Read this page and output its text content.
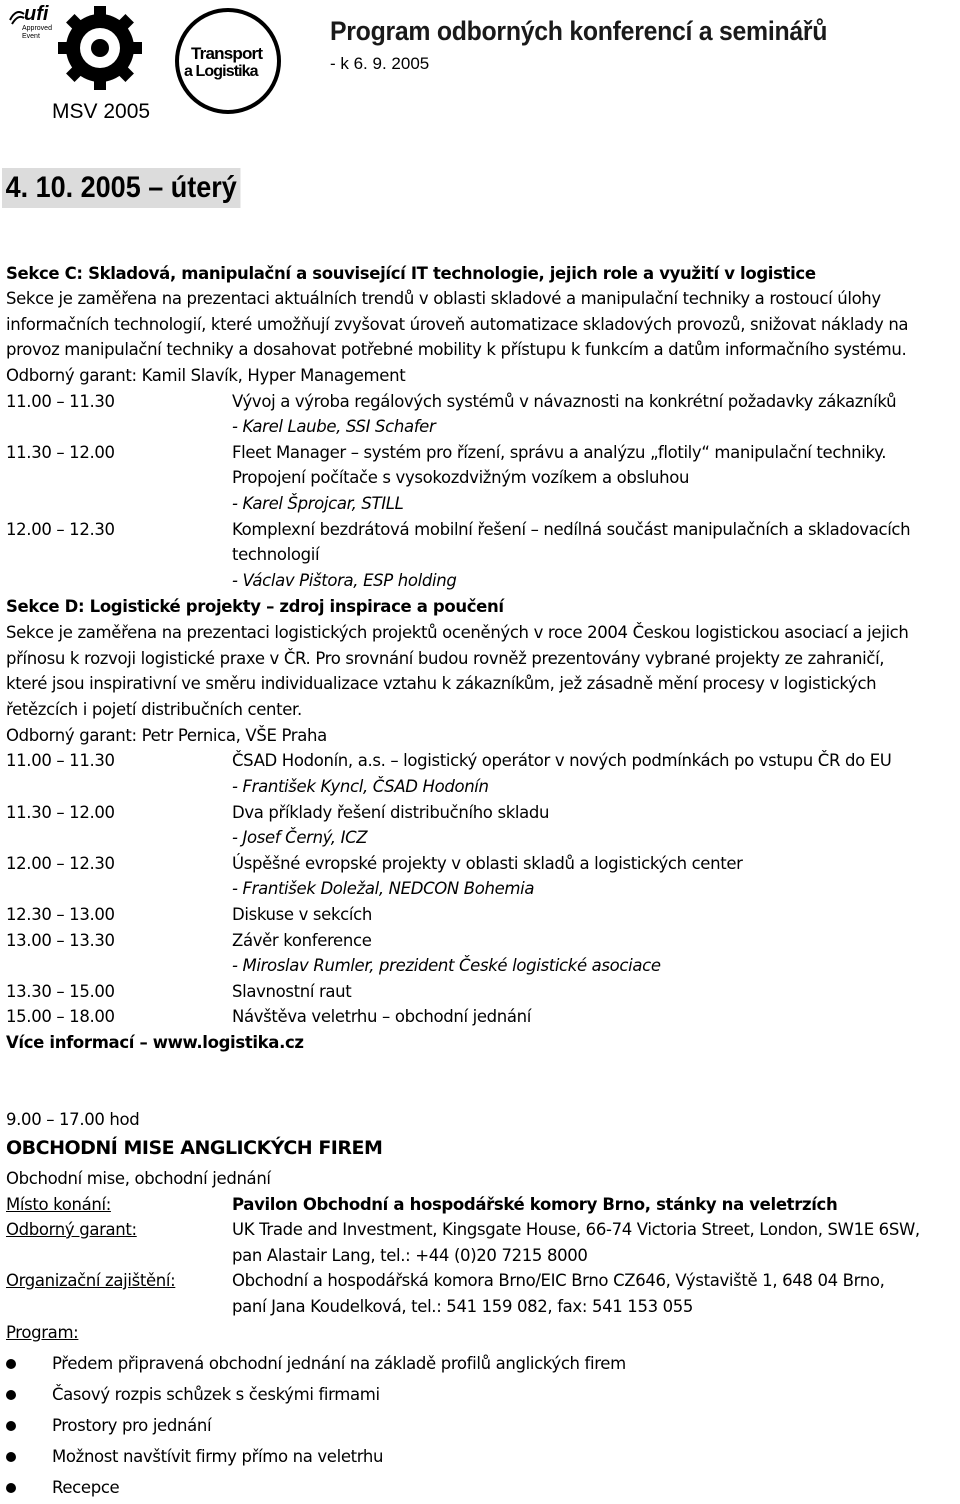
ufi
Approved
Event
MSV 2005
Transport
a Logistika
Program odborných konferencí a seminářů
- k 6. 9. 2005
4. 10. 2005 – úterý
Sekce C: Skladová, manipulační a související IT technologie, jejich role a využití v logistice
Sekce je zaměřena na prezentaci aktuálních trendů v oblasti skladové a manipulační techniky a rostoucí úlohy
informačních technologií, které umožňují zvyšovat úroveň automatizace skladových provozů, snižovat náklady na
provoz manipulační techniky a dosahovat potřebné mobility k přístupu k funkcím a datům informačního systému.
Odborný garant: Kamil Slavík, Hyper Management
11.00 – 11.30	Vývoj a výroba regálových systémů v návaznosti na konkrétní požadavky zákazníků
- Karel Laube, SSI Schafer
11.30 – 12.00	Fleet Manager – systém pro řízení, správu a analýzu „flotily“ manipulační techniky.
Propojení počítače s vysokozdvižným vozíkem a obsluhou
- Karel Šprojcar, STILL
12.00 – 12.30	Komplexní bezdrátová mobilní řešení – nedílná součást manipulačních a skladovacích
technologií
- Václav Pištora, ESP holding
Sekce D: Logistické projekty – zdroj inspirace a poučení
Sekce je zaměřena na prezentaci logistických projektů oceněných v roce 2004 Českou logistickou asociací a jejich
přínosu k rozvoji logistické praxe v ČR. Pro srovnání budou rovněž prezentovány vybrané projekty ze zahraničí,
které jsou inspirativní ve směru individualizace vztahu k zákazníkům, jež zásadně mění procesy v logistických
řetězcích i pojetí distribučních center.
Odborný garant: Petr Pernica, VŠE Praha
11.00 – 11.30	ČSAD Hodonín, a.s. – logistický operátor v nových podmínkách po vstupu ČR do EU
- František Kyncl, ČSAD Hodonín
11.30 – 12.00	Dva příklady řešení distribučního skladu
- Josef Černý, ICZ
12.00 – 12.30	Úspěšné evropské projekty v oblasti skladů a logistických center
- František Doležal, NEDCON Bohemia
12.30 – 13.00	Diskuse v sekcích
13.00 – 13.30	Závěr konference
- Miroslav Rumler, prezident České logistické asociace
13.30 – 15.00	Slavnostní raut
15.00 – 18.00	Návštěva veletrhu – obchodní jednání
Více informací – www.logistika.cz
9.00 – 17.00 hod
OBCHODNÍ MISE ANGLICKÝCH FIREM
Obchodní mise, obchodní jednání
Místo konání:	Pavilon Obchodní a hospodářské komory Brno, stánky na veletrzích
Odborný garant:	UK Trade and Investment, Kingsgate House, 66-74 Victoria Street, London, SW1E 6SW,
pan Alastair Lang, tel.: +44 (0)20 7215 8000
Organizační zajištění:	Obchodní a hospodářská komora Brno/EIC Brno CZ646, Výstaviště 1, 648 04 Brno,
paní Jana Koudelková, tel.: 541 159 082, fax: 541 153 055
Program:
Předem připravená obchodní jednání na základě profilů anglických firem
Časový rozpis schůzek s českými firmami
Prostory pro jednání
Možnost navštívit firmy přímo na veletrhu
Recepce
